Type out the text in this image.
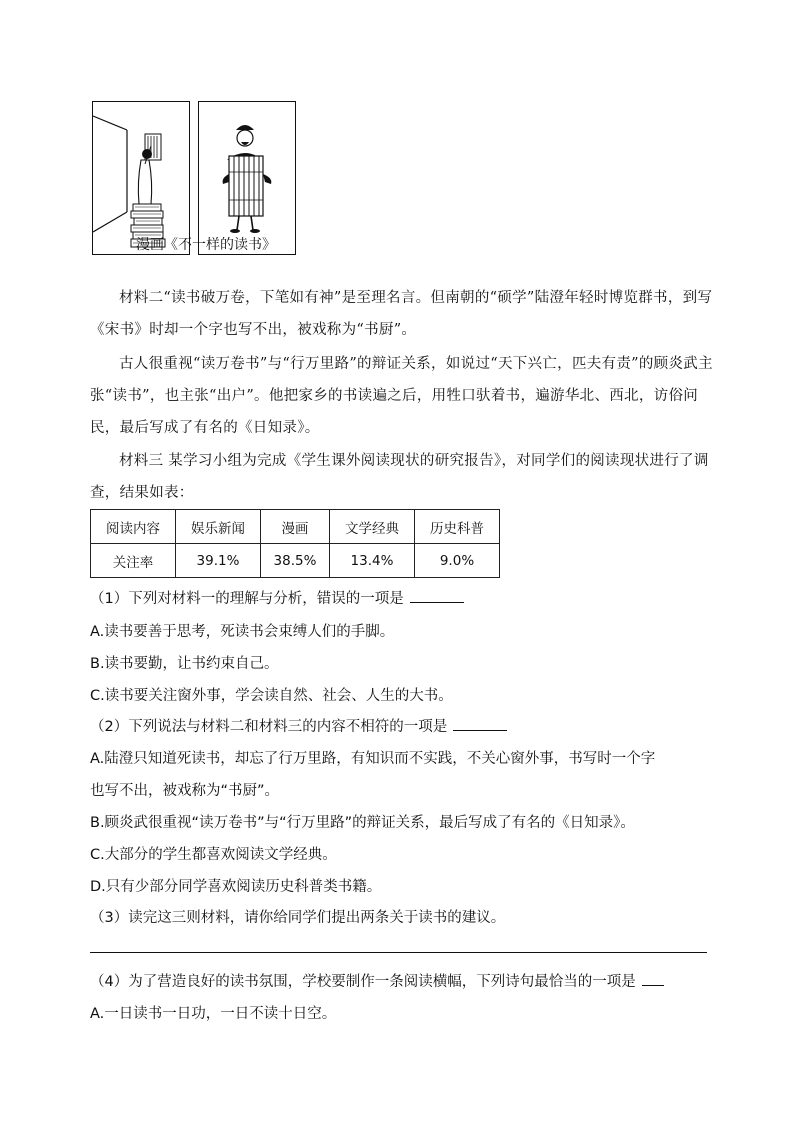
漫画《不一样的读书》
材料二“读书破万卷，下笔如有神”是至理名言。但南朝的“硕学”陆澄年轻时博览群书，到写《宋书》时却一个字也写不出，被戏称为“书厨”。
古人很重视“读万卷书”与“行万里路”的辩证关系，如说过“天下兴亡，匹夫有责”的顾炎武主张“读书”，也主张“出户”。他把家乡的书读遍之后，用牲口驮着书，遍游华北、西北，访俗问民，最后写成了有名的《日知录》。
材料三 某学习小组为完成《学生课外阅读现状的研究报告》，对同学们的阅读现状进行了调查，结果如表：
阅读内容	娱乐新闻	漫画	文学经典	历史科普
关注率	39.1%	38.5%	13.4%	9.0%
（1）下列对材料一的理解与分析，错误的一项是
A.读书要善于思考，死读书会束缚人们的手脚。
B.读书要勤，让书约束自己。
C.读书要关注窗外事，学会读自然、社会、人生的大书。
（2）下列说法与材料二和材料三的内容不相符的一项是
A.陆澄只知道死读书，却忘了行万里路，有知识而不实践，不关心窗外事，书写时一个字
也写不出，被戏称为“书厨”。
B.顾炎武很重视“读万卷书”与“行万里路”的辩证关系，最后写成了有名的《日知录》。
C.大部分的学生都喜欢阅读文学经典。
D.只有少部分同学喜欢阅读历史科普类书籍。
（3）读完这三则材料，请你给同学们提出两条关于读书的建议。
（4）为了营造良好的读书氛围，学校要制作一条阅读横幅，下列诗句最恰当的一项是
A.一日读书一日功，一日不读十日空。
